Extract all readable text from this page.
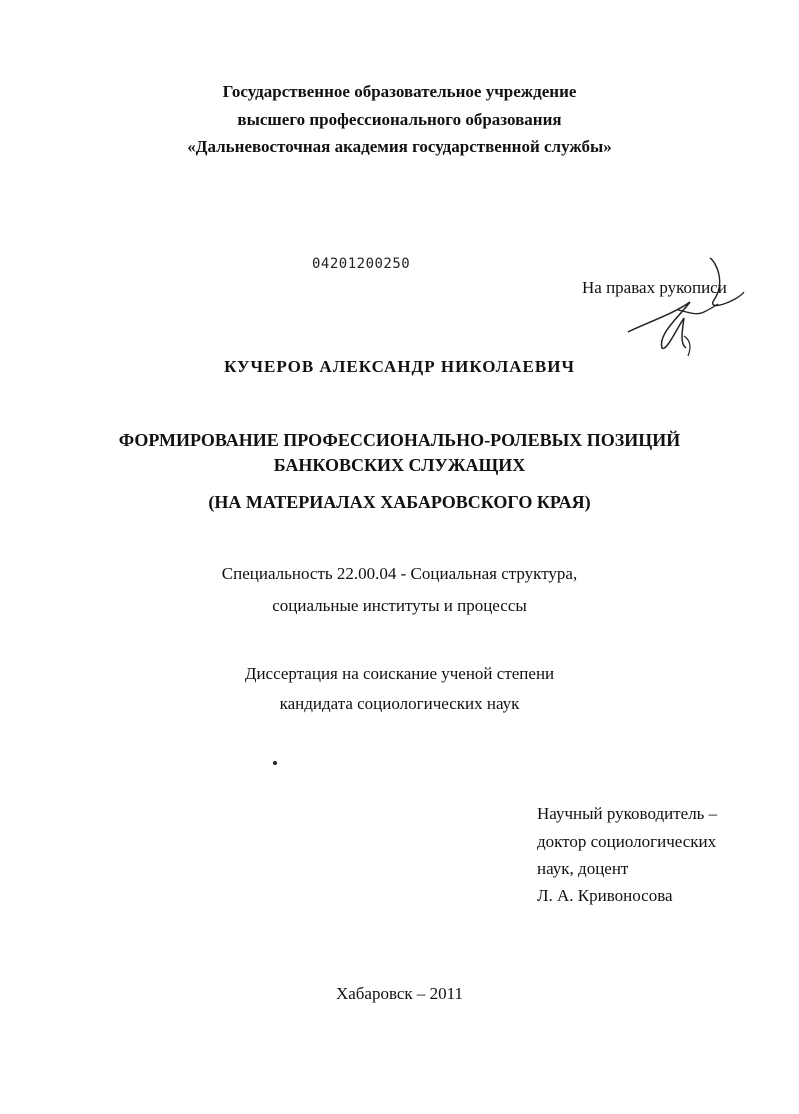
Государственное образовательное учреждение
высшего профессионального образования
«Дальневосточная академия государственной службы»
04201200250
На правах рукописи
КУЧЕРОВ АЛЕКСАНДР НИКОЛАЕВИЧ
ФОРМИРОВАНИЕ ПРОФЕССИОНАЛЬНО-РОЛЕВЫХ ПОЗИЦИЙ
БАНКОВСКИХ СЛУЖАЩИХ
(НА МАТЕРИАЛАХ ХАБАРОВСКОГО КРАЯ)
Специальность 22.00.04 - Социальная структура,
социальные институты и процессы
Диссертация на соискание ученой степени
кандидата социологических наук
Научный руководитель –
доктор социологических
наук, доцент
Л. А. Кривоносова
Хабаровск – 2011
